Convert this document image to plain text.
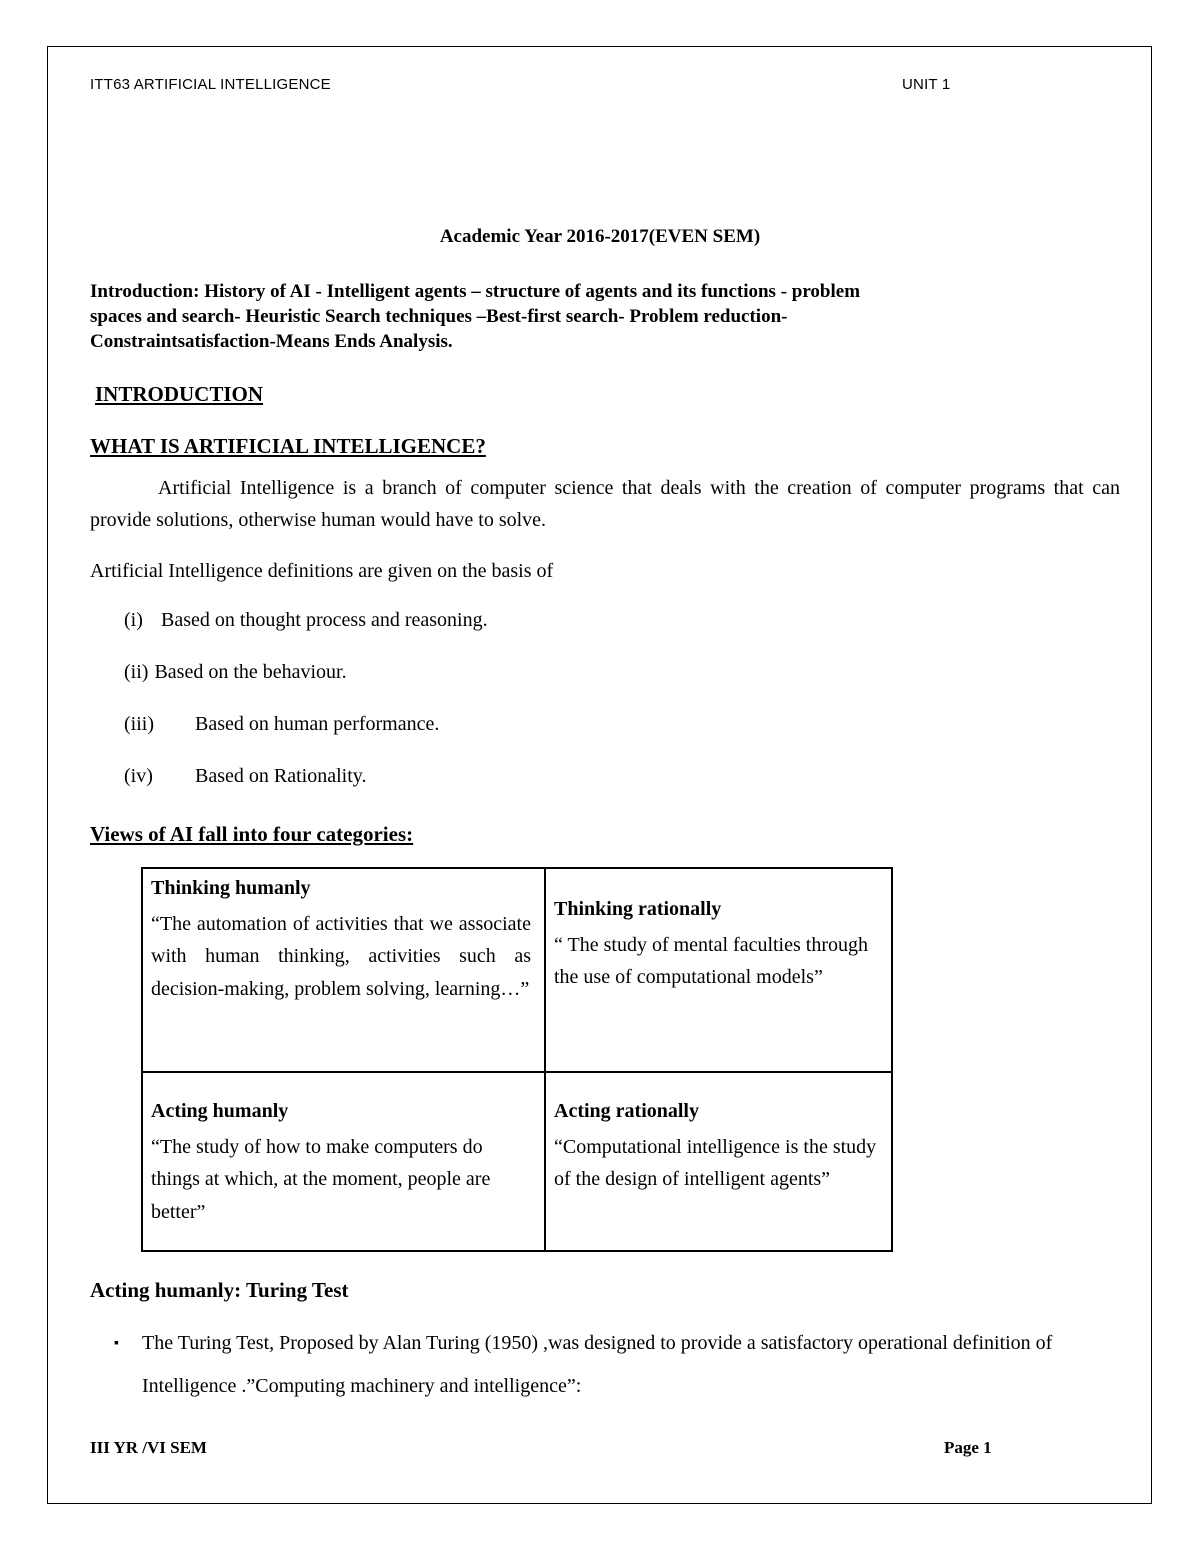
ITT63 ARTIFICIAL INTELLIGENCE	UNIT 1
Academic Year 2016-2017(EVEN SEM)
Introduction: History of AI - Intelligent agents – structure of agents and its functions - problem
spaces and search- Heuristic Search techniques –Best-first search- Problem reduction-
Constraintsatisfaction-Means Ends Analysis.
INTRODUCTION
WHAT IS ARTIFICIAL INTELLIGENCE?
Artificial Intelligence is a branch of computer science that deals with the creation of computer programs that can provide solutions, otherwise human would have to solve.
Artificial Intelligence definitions are given on the basis of
(i) Based on thought process and reasoning.
(ii) Based on the behaviour.
(iii) Based on human performance.
(iv) Based on Rationality.
Views of AI fall into four categories:
Thinking humanly
“The automation of activities that we associate with human thinking, activities such as decision-making, problem solving, learning…”
Thinking rationally
“ The study of mental faculties through the use of computational models”
Acting humanly
“The study of how to make computers do things at which, at the moment, people are better”
Acting rationally
“Computational intelligence is the study of the design of intelligent agents”
Acting humanly: Turing Test
▪ The Turing Test, Proposed by Alan Turing (1950) ,was designed to provide a satisfactory operational definition of Intelligence .”Computing machinery and intelligence”:
III YR /VI SEM	Page 1
